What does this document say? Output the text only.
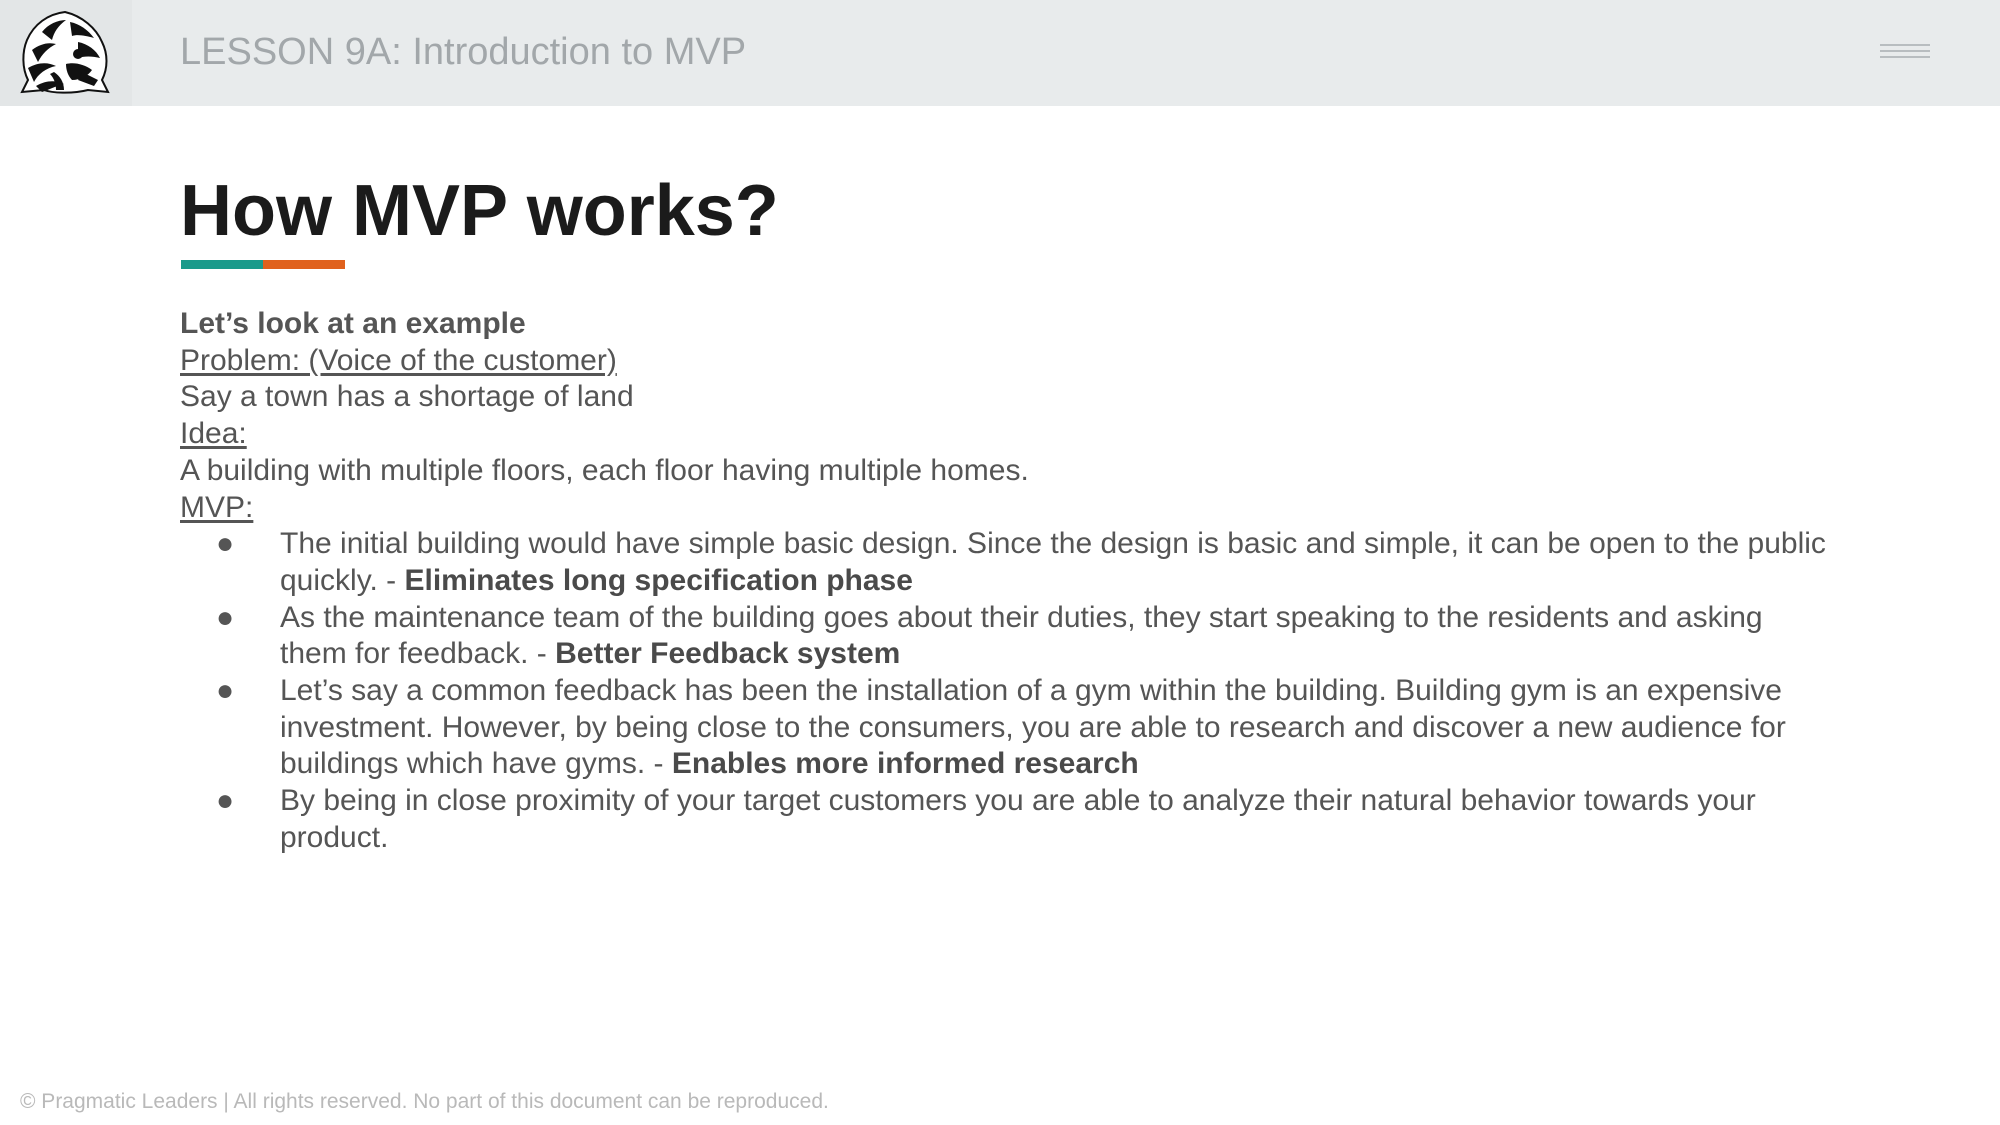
LESSON 9A: Introduction to MVP
How MVP works?

Let’s look at an example

Problem: (Voice of the customer)

Say a town has a shortage of land

Idea:

A building with multiple floors, each floor having multiple homes.

MVP:

● The initial building would have simple basic design. Since the design is basic and simple, it can be open to the public
quickly. - Eliminates long specification phase
● As the maintenance team of the building goes about their duties, they start speaking to the residents and asking
them for feedback. - Better Feedback system
● Let’s say a common feedback has been the installation of a gym within the building. Building gym is an expensive
investment. However, by being close to the consumers, you are able to research and discover a new audience for
buildings which have gyms. - Enables more informed research
● By being in close proximity of your target customers you are able to analyze their natural behavior towards your
product.
© Pragmatic Leaders | All rights reserved. No part of this document can be reproduced.
